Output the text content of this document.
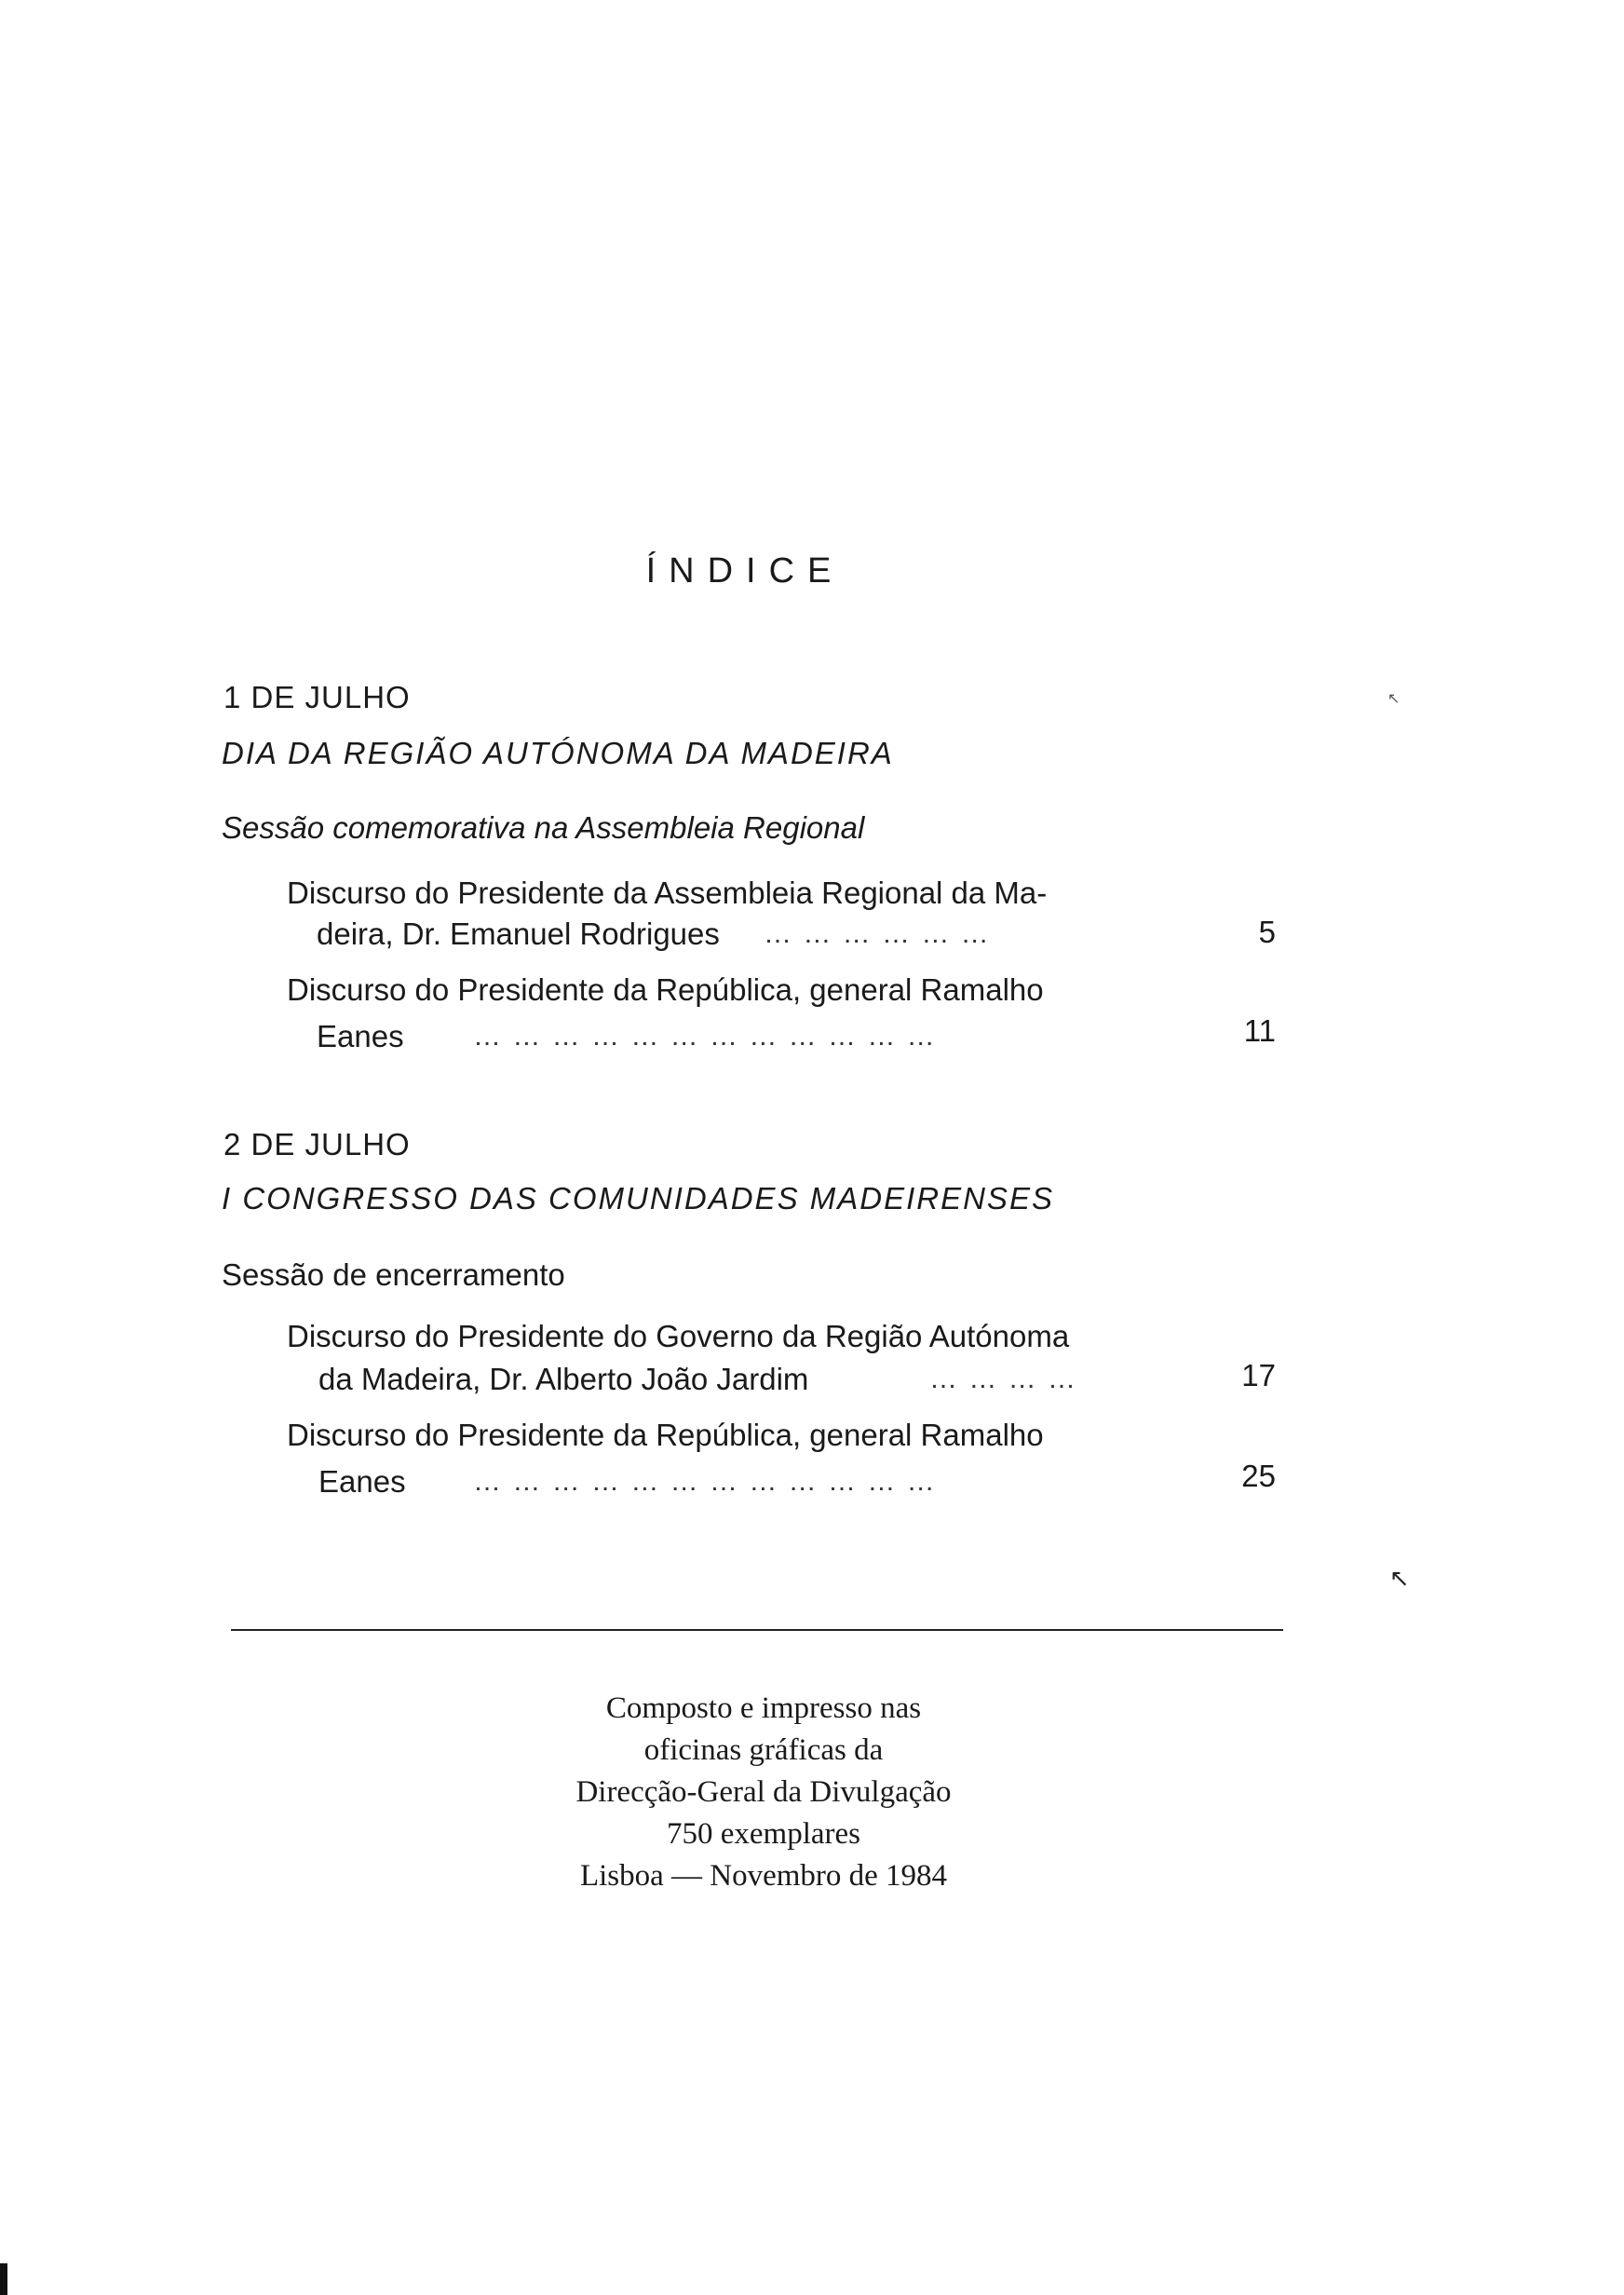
ÍNDICE
1 DE JULHO
DIA DA REGIÃO AUTÓNOMA DA MADEIRA
Sessão comemorativa na Assembleia Regional
Discurso do Presidente da Assembleia Regional da Ma-
deira, Dr. Emanuel Rodrigues … … … … … …	5
Discurso do Presidente da República, general Ramalho
Eanes … … … … … … … … … … … …	11
2 DE JULHO
I CONGRESSO DAS COMUNIDADES MADEIRENSES
Sessão de encerramento
Discurso do Presidente do Governo da Região Autónoma
da Madeira, Dr. Alberto João Jardim	… … … …	17
Discurso do Presidente da República, general Ramalho
Eanes … … … … … … … … … … … …	25
Composto e impresso nas
oficinas gráficas da
Direcção-Geral da Divulgação
750 exemplares
Lisboa — Novembro de 1984
↖
↖
